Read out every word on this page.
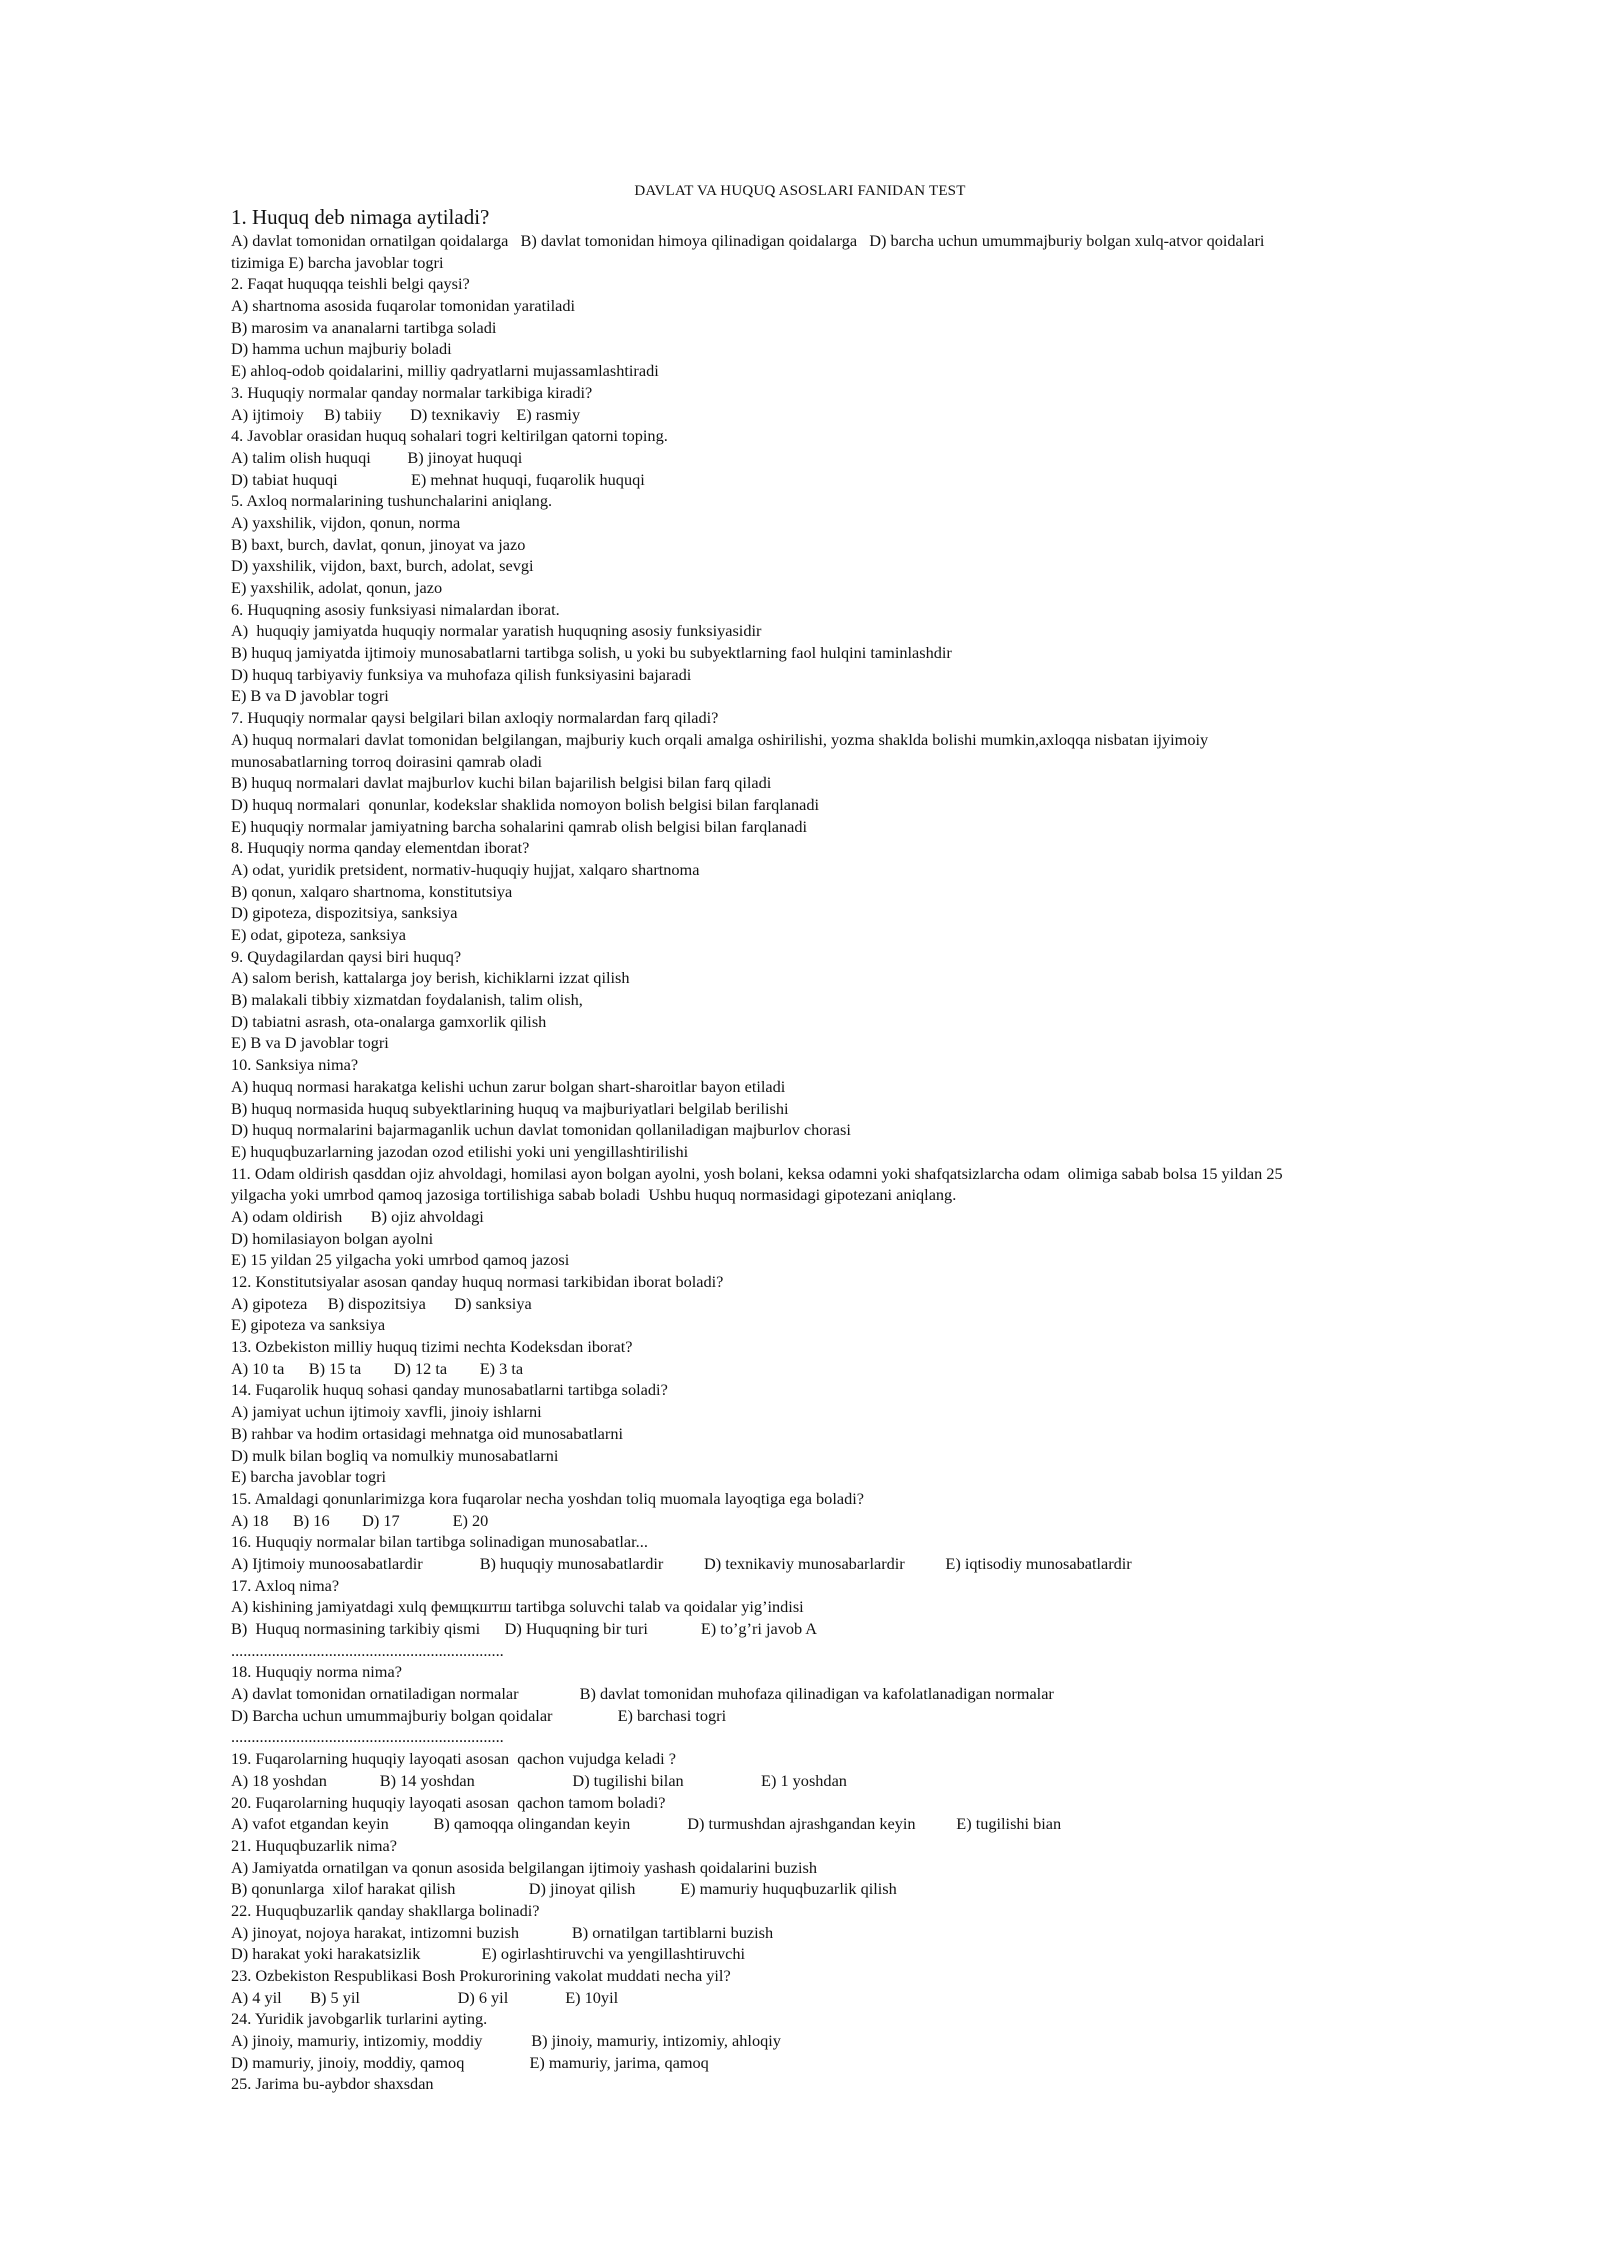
DAVLAT VA HUQUQ ASOSLARI FANIDAN TEST
1. Huquq deb nimaga aytiladi?
A) davlat tomonidan ornatilgan qoidalarga   B) davlat tomonidan himoya qilinadigan qoidalarga   D) barcha uchun umummajburiy bolgan xulq-atvor qoidalari
tizimiga E) barcha javoblar togri
2. Faqat huquqqa teishli belgi qaysi?
A) shartnoma asosida fuqarolar tomonidan yaratiladi
B) marosim va ananalarni tartibga soladi
D) hamma uchun majburiy boladi
E) ahloq-odob qoidalarini, milliy qadryatlarni mujassamlashtiradi
3. Huquqiy normalar qanday normalar tarkibiga kiradi?
A) ijtimoiy     B) tabiiy       D) texnikaviy    E) rasmiy
4. Javoblar orasidan huquq sohalari togri keltirilgan qatorni toping.
A) talim olish huquqi         B) jinoyat huquqi
D) tabiat huquqi                  E) mehnat huquqi, fuqarolik huquqi
5. Axloq normalarining tushunchalarini aniqlang.
A) yaxshilik, vijdon, qonun, norma
B) baxt, burch, davlat, qonun, jinoyat va jazo
D) yaxshilik, vijdon, baxt, burch, adolat, sevgi
E) yaxshilik, adolat, qonun, jazo
6. Huquqning asosiy funksiyasi nimalardan iborat.
A)  huquqiy jamiyatda huquqiy normalar yaratish huquqning asosiy funksiyasidir
B) huquq jamiyatda ijtimoiy munosabatlarni tartibga solish, u yoki bu subyektlarning faol hulqini taminlashdir
D) huquq tarbiyaviy funksiya va muhofaza qilish funksiyasini bajaradi
E) B va D javoblar togri
7. Huquqiy normalar qaysi belgilari bilan axloqiy normalardan farq qiladi?
A) huquq normalari davlat tomonidan belgilangan, majburiy kuch orqali amalga oshirilishi, yozma shaklda bolishi mumkin,axloqqa nisbatan ijyimoiy
munosabatlarning torroq doirasini qamrab oladi
B) huquq normalari davlat majburlov kuchi bilan bajarilish belgisi bilan farq qiladi
D) huquq normalari  qonunlar, kodekslar shaklida nomoyon bolish belgisi bilan farqlanadi
E) huquqiy normalar jamiyatning barcha sohalarini qamrab olish belgisi bilan farqlanadi
8. Huquqiy norma qanday elementdan iborat?
A) odat, yuridik pretsident, normativ-huquqiy hujjat, xalqaro shartnoma
B) qonun, xalqaro shartnoma, konstitutsiya
D) gipoteza, dispozitsiya, sanksiya
E) odat, gipoteza, sanksiya
9. Quydagilardan qaysi biri huquq?
A) salom berish, kattalarga joy berish, kichiklarni izzat qilish
B) malakali tibbiy xizmatdan foydalanish, talim olish,
D) tabiatni asrash, ota-onalarga gamxorlik qilish
E) B va D javoblar togri
10. Sanksiya nima?
A) huquq normasi harakatga kelishi uchun zarur bolgan shart-sharoitlar bayon etiladi
B) huquq normasida huquq subyektlarining huquq va majburiyatlari belgilab berilishi
D) huquq normalarini bajarmaganlik uchun davlat tomonidan qollaniladigan majburlov chorasi
E) huquqbuzarlarning jazodan ozod etilishi yoki uni yengillashtirilishi
11. Odam oldirish qasddan ojiz ahvoldagi, homilasi ayon bolgan ayolni, yosh bolani, keksa odamni yoki shafqatsizlarcha odam  olimiga sabab bolsa 15 yildan 25
yilgacha yoki umrbod qamoq jazosiga tortilishiga sabab boladi  Ushbu huquq normasidagi gipotezani aniqlang.
A) odam oldirish       B) ojiz ahvoldagi
D) homilasiayon bolgan ayolni
E) 15 yildan 25 yilgacha yoki umrbod qamoq jazosi
12. Konstitutsiyalar asosan qanday huquq normasi tarkibidan iborat boladi?
A) gipoteza     B) dispozitsiya       D) sanksiya
E) gipoteza va sanksiya
13. Ozbekiston milliy huquq tizimi nechta Kodeksdan iborat?
A) 10 ta      B) 15 ta        D) 12 ta        E) 3 ta
14. Fuqarolik huquq sohasi qanday munosabatlarni tartibga soladi?
A) jamiyat uchun ijtimoiy xavfli, jinoiy ishlarni
B) rahbar va hodim ortasidagi mehnatga oid munosabatlarni
D) mulk bilan bogliq va nomulkiy munosabatlarni
E) barcha javoblar togri
15. Amaldagi qonunlarimizga kora fuqarolar necha yoshdan toliq muomala layoqtiga ega boladi?
A) 18      B) 16        D) 17             E) 20
16. Huquqiy normalar bilan tartibga solinadigan munosabatlar...
A) Ijtimoiy munoosabatlardir              B) huquqiy munosabatlardir          D) texnikaviy munosabarlardir          E) iqtisodiy munosabatlardir
17. Axloq nima?
A) kishining jamiyatdagi xulq фемщкштш tartibga soluvchi talab va qoidalar yig’indisi
B)  Huquq normasining tarkibiy qismi      D) Huquqning bir turi             E) to’g’ri javob A
...................................................................
18. Huquqiy norma nima?
A) davlat tomonidan ornatiladigan normalar               B) davlat tomonidan muhofaza qilinadigan va kafolatlanadigan normalar
D) Barcha uchun umummajburiy bolgan qoidalar                E) barchasi togri
...................................................................
19. Fuqarolarning huquqiy layoqati asosan  qachon vujudga keladi ?
A) 18 yoshdan             B) 14 yoshdan                        D) tugilishi bilan                   E) 1 yoshdan
20. Fuqarolarning huquqiy layoqati asosan  qachon tamom boladi?
A) vafot etgandan keyin           B) qamoqqa olingandan keyin              D) turmushdan ajrashgandan keyin          E) tugilishi bian
21. Huquqbuzarlik nima?
A) Jamiyatda ornatilgan va qonun asosida belgilangan ijtimoiy yashash qoidalarini buzish
B) qonunlarga  xilof harakat qilish                  D) jinoyat qilish           E) mamuriy huquqbuzarlik qilish
22. Huquqbuzarlik qanday shakllarga bolinadi?
A) jinoyat, nojoya harakat, intizomni buzish             B) ornatilgan tartiblarni buzish
D) harakat yoki harakatsizlik               E) ogirlashtiruvchi va yengillashtiruvchi
23. Ozbekiston Respublikasi Bosh Prokurorining vakolat muddati necha yil?
A) 4 yil       B) 5 yil                        D) 6 yil              E) 10yil
24. Yuridik javobgarlik turlarini ayting.
A) jinoiy, mamuriy, intizomiy, moddiy            B) jinoiy, mamuriy, intizomiy, ahloqiy
D) mamuriy, jinoiy, moddiy, qamoq                E) mamuriy, jarima, qamoq
25. Jarima bu-aybdor shaxsdan
